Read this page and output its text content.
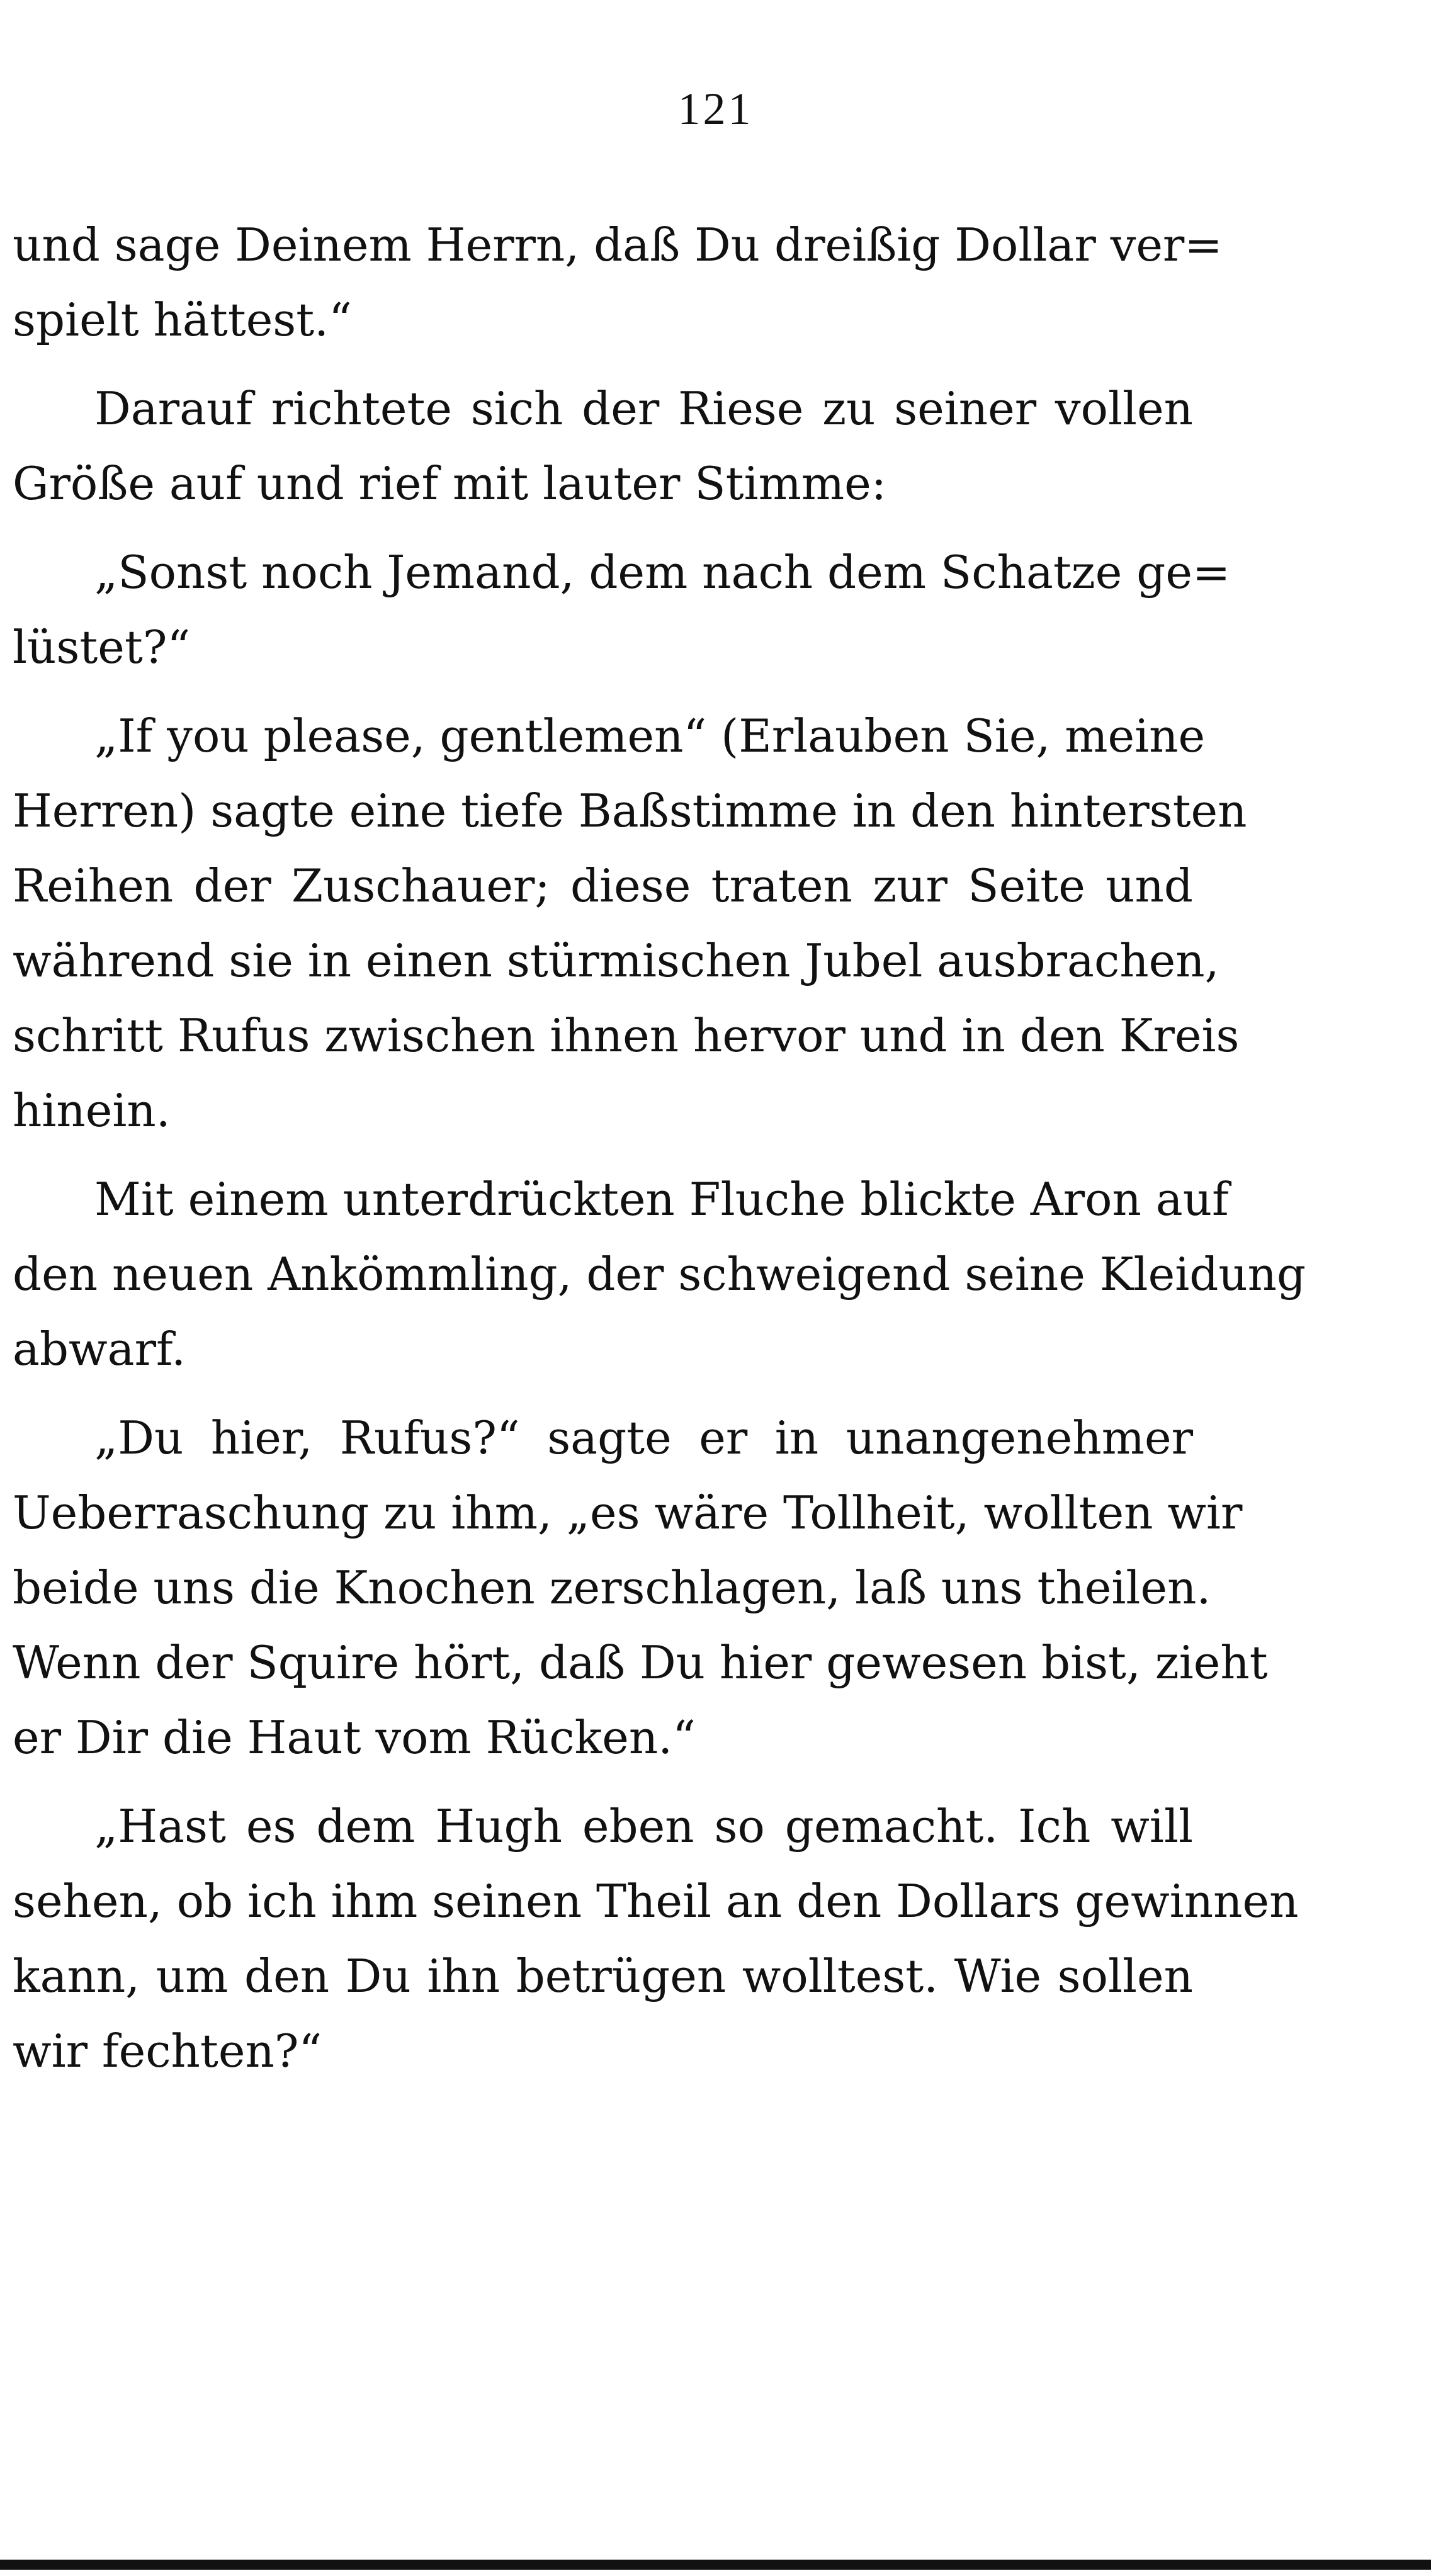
121
und sage Deinem Herrn, daß Du dreißig Dollar ver=
spielt hättest.“
Darauf richtete sich der Riese zu seiner vollen
Größe auf und rief mit lauter Stimme:
„Sonst noch Jemand, dem nach dem Schatze ge=
lüstet?“
„If you please, gentlemen“ (Erlauben Sie, meine
Herren) sagte eine tiefe Baßstimme in den hintersten
Reihen der Zuschauer; diese traten zur Seite und
während sie in einen stürmischen Jubel ausbrachen,
schritt Rufus zwischen ihnen hervor und in den Kreis
hinein.
Mit einem unterdrückten Fluche blickte Aron auf
den neuen Ankömmling, der schweigend seine Kleidung
abwarf.
„Du hier, Rufus?“ sagte er in unangenehmer
Ueberraschung zu ihm, „es wäre Tollheit, wollten wir
beide uns die Knochen zerschlagen, laß uns theilen.
Wenn der Squire hört, daß Du hier gewesen bist, zieht
er Dir die Haut vom Rücken.“
„Hast es dem Hugh eben so gemacht. Ich will
sehen, ob ich ihm seinen Theil an den Dollars gewinnen
kann, um den Du ihn betrügen wolltest. Wie sollen
wir fechten?“
